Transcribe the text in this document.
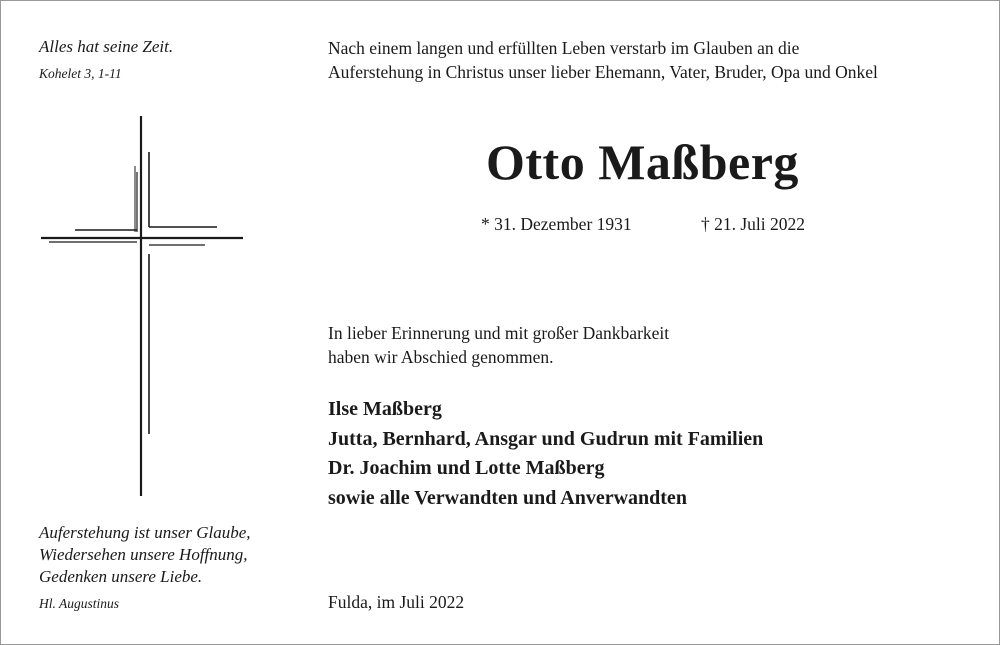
Alles hat seine Zeit.

Kohelet 3, 1-11

Nach einem langen und erfüllten Leben verstarb im Glauben an die
Auferstehung in Christus unser lieber Ehemann, Vater, Bruder, Opa und Onkel
Otto Maßberg

* 31. Dezember 1931	† 21. Juli 2022

In lieber Erinnerung und mit großer Dankbarkeit
haben wir Abschied genommen.
Ilse Maßberg
Jutta, Bernhard, Ansgar und Gudrun mit Familien
Dr. Joachim und Lotte Maßberg
sowie alle Verwandten und Anverwandten
Auferstehung ist unser Glaube,
Wiedersehen unsere Hoffnung,
Gedenken unsere Liebe.

Hl. Augustinus	Fulda, im Juli 2022
